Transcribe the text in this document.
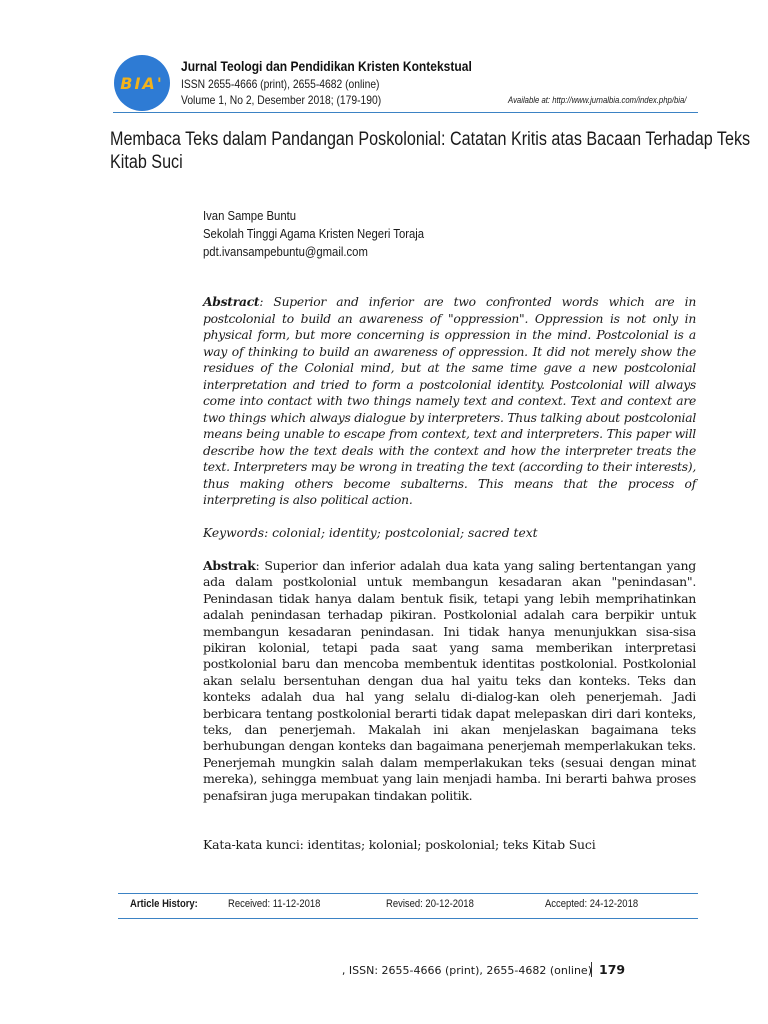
BIA'
Jurnal Teologi dan Pendidikan Kristen Kontekstual
ISSN 2655-4666 (print), 2655-4682 (online)
Volume 1, No 2, Desember 2018; (179-190)	Available at: http://www.jurnalbia.com/index.php/bia/
Membaca Teks dalam Pandangan Poskolonial: Catatan Kritis atas Bacaan Terhadap Teks
Kitab Suci
Ivan Sampe Buntu
Sekolah Tinggi Agama Kristen Negeri Toraja
pdt.ivansampebuntu@gmail.com
Abstract: Superior and inferior are two confronted words which are in postcolonial to build an awareness of "oppression". Oppression is not only in physical form, but more concerning is oppression in the mind. Postcolonial is a way of thinking to build an awareness of oppression. It did not merely show the residues of the Colonial mind, but at the same time gave a new postcolonial interpretation and tried to form a postcolonial identity. Postcolonial will always come into contact with two things namely text and context. Text and context are two things which always dialogue by interpreters. Thus talking about postcolonial means being unable to escape from context, text and interpreters. This paper will describe how the text deals with the context and how the interpreter treats the text. Interpreters may be wrong in treating the text (according to their interests), thus making others become subalterns. This means that the process of interpreting is also political action.
Keywords: colonial; identity; postcolonial; sacred text
Abstrak: Superior dan inferior adalah dua kata yang saling bertentangan yang ada dalam postkolonial untuk membangun kesadaran akan "penindasan". Penindasan tidak hanya dalam bentuk fisik, tetapi yang lebih memprihatinkan adalah penindasan terhadap pikiran. Postkolonial adalah cara berpikir untuk membangun kesadaran penindasan. Ini tidak hanya menunjukkan sisa-sisa pikiran kolonial, tetapi pada saat yang sama memberikan interpretasi postkolonial baru dan mencoba membentuk identitas postkolonial. Postkolonial akan selalu bersentuhan dengan dua hal yaitu teks dan konteks. Teks dan konteks adalah dua hal yang selalu di-dialog-kan oleh penerjemah. Jadi berbicara tentang postkolonial berarti tidak dapat melepaskan diri dari konteks, teks, dan penerjemah. Makalah ini akan menjelaskan bagaimana teks berhubungan dengan konteks dan bagaimana penerjemah memperlakukan teks. Penerjemah mungkin salah dalam memperlakukan teks (sesuai dengan minat mereka), sehingga membuat yang lain menjadi hamba. Ini berarti bahwa proses penafsiran juga merupakan tindakan politik.
Kata-kata kunci: identitas; kolonial; poskolonial; teks Kitab Suci
Article History:	Received: 11-12-2018	Revised: 20-12-2018	Accepted: 24-12-2018
, ISSN: 2655-4666 (print), 2655-4682 (online) 179
